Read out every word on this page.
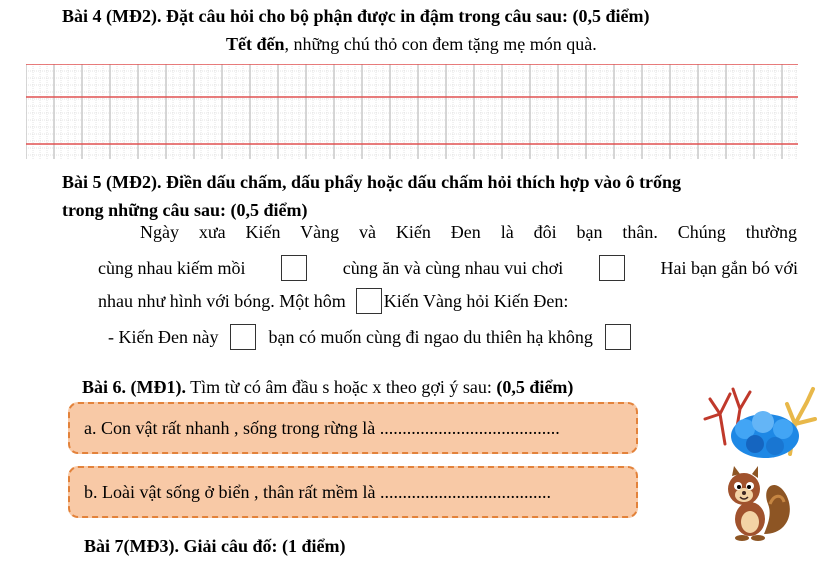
Bài 4 (MĐ2). Đặt câu hỏi cho bộ phận được in đậm trong câu sau: (0,5 điểm)
Tết đến, những chú thỏ con đem tặng mẹ món quà.
Bài 5 (MĐ2). Điền dấu chấm, dấu phẩy hoặc dấu chấm hỏi thích hợp vào ô trống
trong những câu sau: (0,5 điểm)
Ngày xưa Kiến Vàng và Kiến Đen là đôi bạn thân. Chúng thường
cùng nhau kiếm mồi	cùng ăn và cùng nhau vui chơi	Hai bạn gắn bó với
nhau như hình với bóng. Một hôm Kiến Vàng hỏi Kiến Đen:
- Kiến Đen này	bạn có muốn cùng đi ngao du thiên hạ không
Bài 6. (MĐ1). Tìm từ có âm đầu s hoặc x theo gợi ý sau: (0,5 điểm)
a. Con vật rất nhanh , sống trong rừng là ........................................
b. Loài vật sống ở biển , thân rất mềm là ......................................
Bài 7(MĐ3). Giải câu đố: (1 điểm)
